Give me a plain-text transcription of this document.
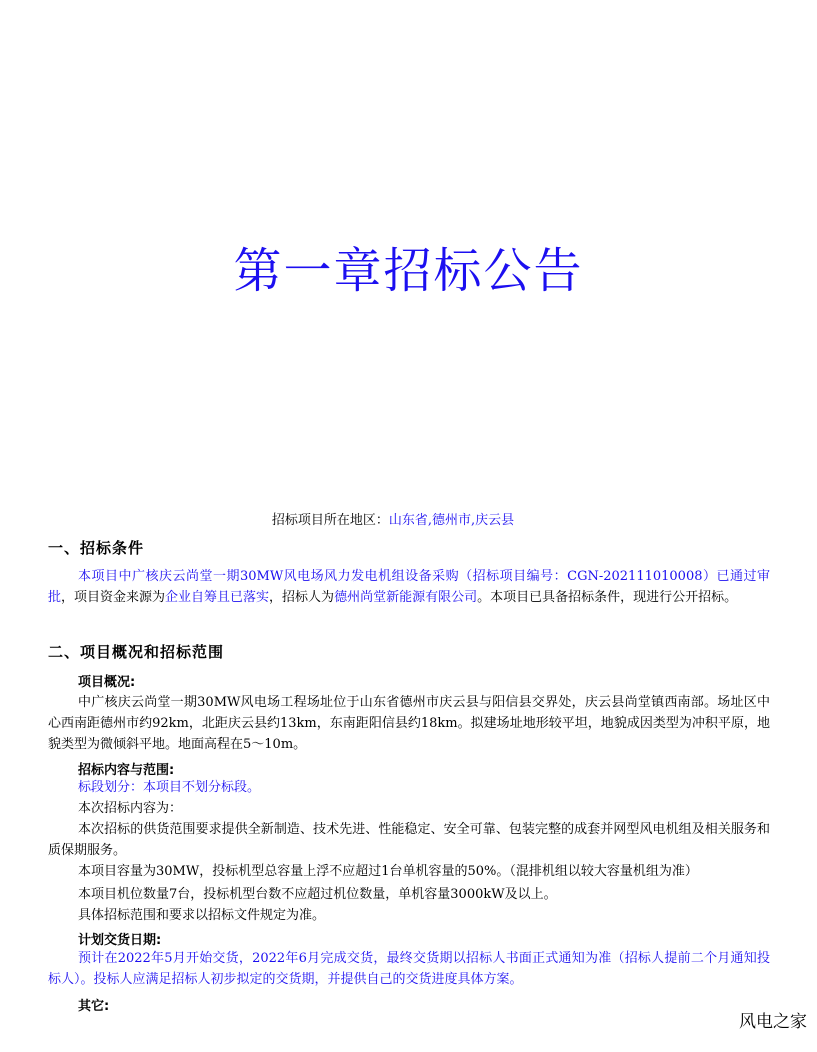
第一章招标公告
招标项目所在地区：山东省,德州市,庆云县
一、招标条件
本项目中广核庆云尚堂一期30MW风电场风力发电机组设备采购（招标项目编号：CGN-202111010008）已通过审批，项目资金来源为企业自筹且已落实，招标人为德州尚堂新能源有限公司。本项目已具备招标条件，现进行公开招标。
二、项目概况和招标范围
项目概况:
中广核庆云尚堂一期30MW风电场工程场址位于山东省德州市庆云县与阳信县交界处，庆云县尚堂镇西南部。场址区中心西南距德州市约92km，北距庆云县约13km，东南距阳信县约18km。拟建场址地形较平坦，地貌成因类型为冲积平原，地貌类型为微倾斜平地。地面高程在5～10m。
招标内容与范围:
标段划分：本项目不划分标段。
本次招标内容为：
本次招标的供货范围要求提供全新制造、技术先进、性能稳定、安全可靠、包装完整的成套并网型风电机组及相关服务和质保期服务。
本项目容量为30MW，投标机型总容量上浮不应超过1台单机容量的50%。（混排机组以较大容量机组为准）
本项目机位数量7台，投标机型台数不应超过机位数量，单机容量3000kW及以上。
具体招标范围和要求以招标文件规定为准。
计划交货日期:
预计在2022年5月开始交货，2022年6月完成交货，最终交货期以招标人书面正式通知为准（招标人提前二个月通知投标人）。投标人应满足招标人初步拟定的交货期，并提供自己的交货进度具体方案。
其它:
风电之家
